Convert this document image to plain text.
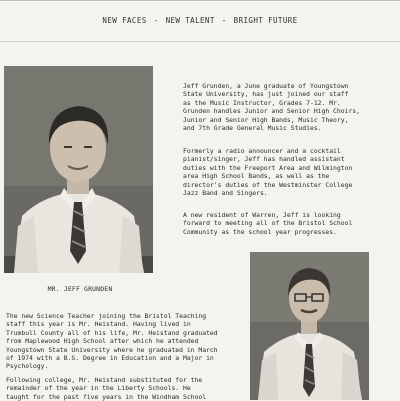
NEW FACES - NEW TALENT - BRIGHT FUTURE
MR. JEFF GRUNDEN

Jeff Grunden, a June graduate of Youngstown
State University, has just joined our staff
as the Music Instructor, Grades 7-12. Mr.
Grunden handles Junior and Senior High Choirs,
Junior and Senior High Bands, Music Theory,
and 7th Grade General Music Studies.

Formerly a radio announcer and a cocktail
pianist/singer, Jeff has handled assistant
duties with the Freeport Area and Wilmington
area High School Bands, as well as the
director's duties of the Westminster College
Jazz Band and Singers.

A new resident of Warren, Jeff is looking
forward to meeting all of the Bristol School
Community as the school year progresses.

The new Science Teacher joining the Bristol Teaching
staff this year is Mr. Heistand. Having lived in
Trumbull County all of his life, Mr. Heistand graduated
from Maplewood High School after which he attended
Youngstown State University where he graduated in March
of 1974 with a B.S. Degree in Education and a Major in
Psychology.

Following college, Mr. Heistand substituted for the
remainder of the year in the Liberty Schools. He
taught for the past five years in the Windham School
